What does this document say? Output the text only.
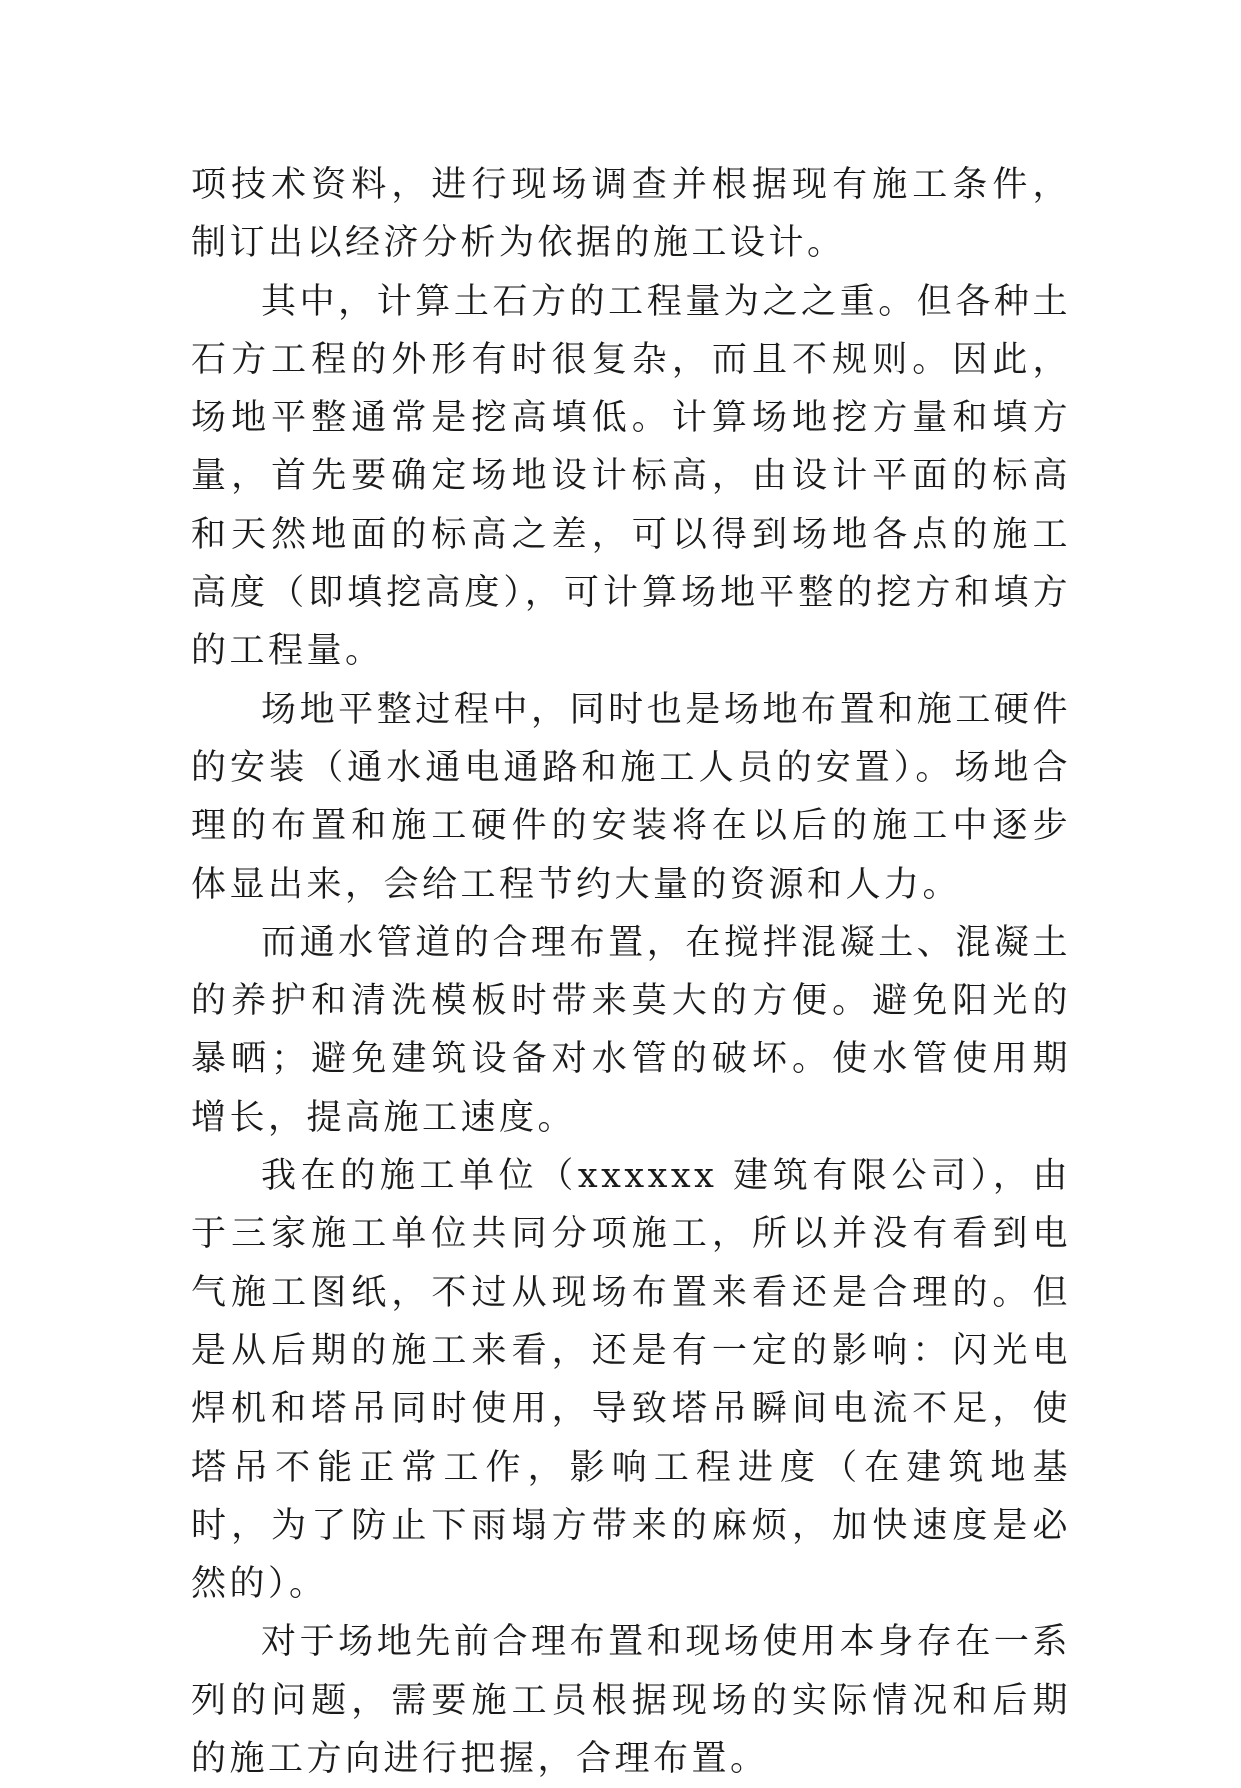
项技术资料，进行现场调查并根据现有施工条件，制订出以经济分析为依据的施工设计。

其中，计算土石方的工程量为之之重。但各种土石方工程的外形有时很复杂，而且不规则。因此，场地平整通常是挖高填低。计算场地挖方量和填方量，首先要确定场地设计标高，由设计平面的标高和天然地面的标高之差，可以得到场地各点的施工高度（即填挖高度），可计算场地平整的挖方和填方的工程量。

场地平整过程中，同时也是场地布置和施工硬件的安装（通水通电通路和施工人员的安置）。场地合理的布置和施工硬件的安装将在以后的施工中逐步体显出来，会给工程节约大量的资源和人力。

而通水管道的合理布置，在搅拌混凝土、混凝土的养护和清洗模板时带来莫大的方便。避免阳光的暴晒；避免建筑设备对水管的破坏。使水管使用期增长，提高施工速度。

我在的施工单位（xxxxxx 建筑有限公司），由于三家施工单位共同分项施工，所以并没有看到电气施工图纸，不过从现场布置来看还是合理的。但是从后期的施工来看，还是有一定的影响：闪光电焊机和塔吊同时使用，导致塔吊瞬间电流不足，使塔吊不能正常工作，影响工程进度（在建筑地基时，为了防止下雨塌方带来的麻烦，加快速度是必然的）。

对于场地先前合理布置和现场使用本身存在一系列的问题，需要施工员根据现场的实际情况和后期的施工方向进行把握，合理布置。
